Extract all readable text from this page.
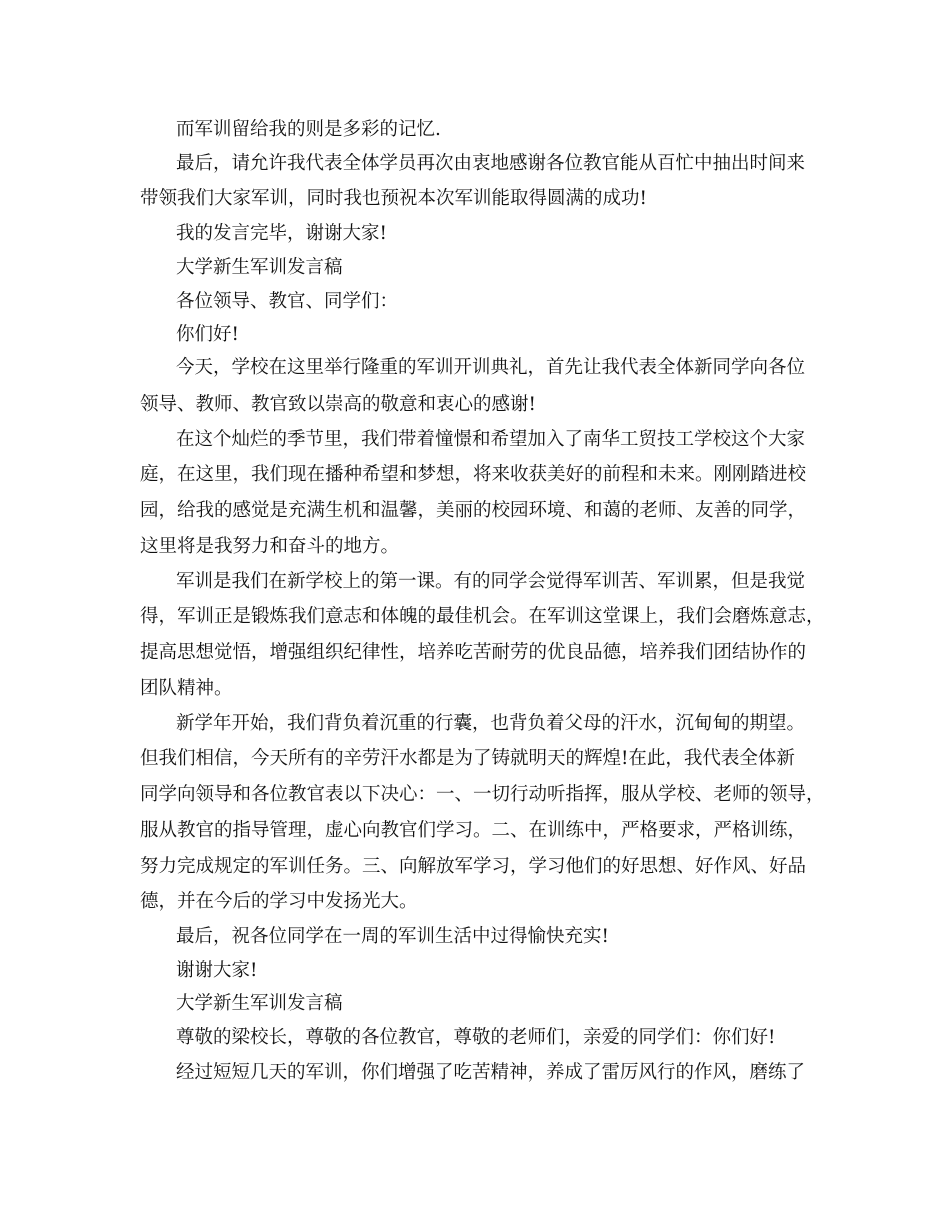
而军训留给我的则是多彩的记忆.
最后，请允许我代表全体学员再次由衷地感谢各位教官能从百忙中抽出时间来
带领我们大家军训，同时我也预祝本次军训能取得圆满的成功!
我的发言完毕，谢谢大家!
大学新生军训发言稿
各位领导、教官、同学们：
你们好!
今天，学校在这里举行隆重的军训开训典礼，首先让我代表全体新同学向各位
领导、教师、教官致以崇高的敬意和衷心的感谢!
在这个灿烂的季节里，我们带着憧憬和希望加入了南华工贸技工学校这个大家
庭，在这里，我们现在播种希望和梦想，将来收获美好的前程和未来。刚刚踏进校
园，给我的感觉是充满生机和温馨，美丽的校园环境、和蔼的老师、友善的同学，
这里将是我努力和奋斗的地方。
军训是我们在新学校上的第一课。有的同学会觉得军训苦、军训累，但是我觉
得，军训正是锻炼我们意志和体魄的最佳机会。在军训这堂课上，我们会磨炼意志，
提高思想觉悟，增强组织纪律性，培养吃苦耐劳的优良品德，培养我们团结协作的
团队精神。
新学年开始，我们背负着沉重的行囊，也背负着父母的汗水，沉甸甸的期望。
但我们相信，今天所有的辛劳汗水都是为了铸就明天的辉煌!在此，我代表全体新
同学向领导和各位教官表以下决心：一、一切行动听指挥，服从学校、老师的领导，
服从教官的指导管理，虚心向教官们学习。二、在训练中，严格要求，严格训练，
努力完成规定的军训任务。三、向解放军学习，学习他们的好思想、好作风、好品
德，并在今后的学习中发扬光大。
最后，祝各位同学在一周的军训生活中过得愉快充实!
谢谢大家!
大学新生军训发言稿
尊敬的梁校长，尊敬的各位教官，尊敬的老师们，亲爱的同学们：你们好!
经过短短几天的军训，你们增强了吃苦精神，养成了雷厉风行的作风，磨练了
